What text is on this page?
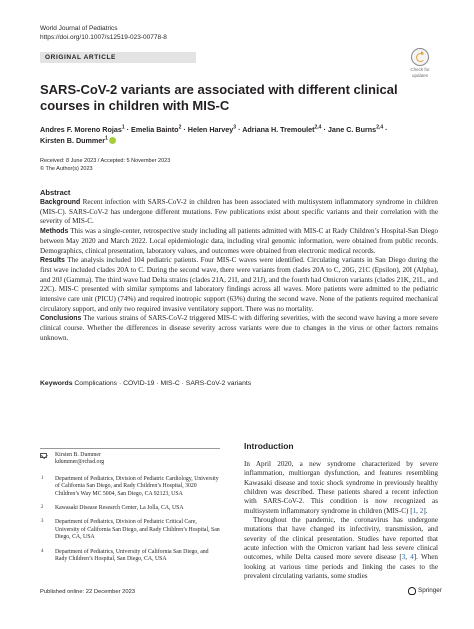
World Journal of Pediatrics
https://doi.org/10.1007/s12519-023-00778-8
ORIGINAL ARTICLE
Check for
updates
SARS-CoV-2 variants are associated with different clinical courses in children with MIS-C
Andres F. Moreno Rojas$^1$ · Emelia Bainto$^2$ · Helen Harvey$^3$ · Adriana H. Tremoulet$^{2,4}$ · Jane C. Burns$^{2,4}$ ·
Kirsten B. Dummer$^1$
Received: 8 June 2023 / Accepted: 5 November 2023
© The Author(s) 2023
Abstract

Background Recent infection with SARS-CoV-2 in children has been associated with multisystem inflammatory syndrome in children (MIS-C). SARS-CoV-2 has undergone different mutations. Few publications exist about specific variants and their correlation with the severity of MIS-C.

Methods This was a single-center, retrospective study including all patients admitted with MIS-C at Rady Children’s Hospital-San Diego between May 2020 and March 2022. Local epidemiologic data, including viral genomic information, were obtained from public records. Demographics, clinical presentation, laboratory values, and outcomes were obtained from electronic medical records.

Results The analysis included 104 pediatric patients. Four MIS-C waves were identified. Circulating variants in San Diego during the first wave included clades 20A to C. During the second wave, there were variants from clades 20A to C, 20G, 21C (Epsilon), 20I (Alpha), and 20J (Gamma). The third wave had Delta strains (clades 21A, 21I, and 21J), and the fourth had Omicron variants (clades 21K, 21L, and 22C). MIS-C presented with similar symptoms and laboratory findings across all waves. More patients were admitted to the pediatric intensive care unit (PICU) (74%) and required inotropic support (63%) during the second wave. None of the patients required mechanical circulatory support, and only two required invasive ventilatory support. There was no mortality.

Conclusions The various strains of SARS-CoV-2 triggered MIS-C with differing severities, with the second wave having a more severe clinical course. Whether the differences in disease severity across variants were due to changes in the virus or other factors remains unknown.

Keywords Complications · COVID-19 · MIS-C · SARS-CoV-2 variants
Kirsten B. Dummer
kdummer@rchsd.org
1 Department of Pediatrics, Division of Pediatric Cardiology, University of California San Diego, and Rady Children’s Hospital, 3020 Children’s Way MC 5004, San Diego, CA 92123, USA
2 Kawasaki Disease Research Center, La Jolla, CA, USA
3 Department of Pediatrics, Division of Pediatric Critical Care, University of California San Diego, and Rady Children’s Hospital, San Diego, CA, USA
4 Department of Pediatrics, University of California San Diego, and Rady Children’s Hospital, San Diego, CA, USA
Introduction

In April 2020, a new syndrome characterized by severe inflammation, multiorgan dysfunction, and features resembling Kawasaki disease and toxic shock syndrome in previously healthy children was described. These patients shared a recent infection with SARS-CoV-2. This condition is now recognized as multisystem inflammatory syndrome in children (MIS-C) [1, 2].

Throughout the pandemic, the coronavirus has undergone mutations that have changed its infectivity, transmission, and severity of the clinical presentation. Studies have reported that acute infection with the Omicron variant had less severe clinical outcomes, while Delta caused more severe disease [3, 4]. When looking at various time periods and linking the cases to the prevalent circulating variants, some studies

Published online: 22 December 2023	Springer
